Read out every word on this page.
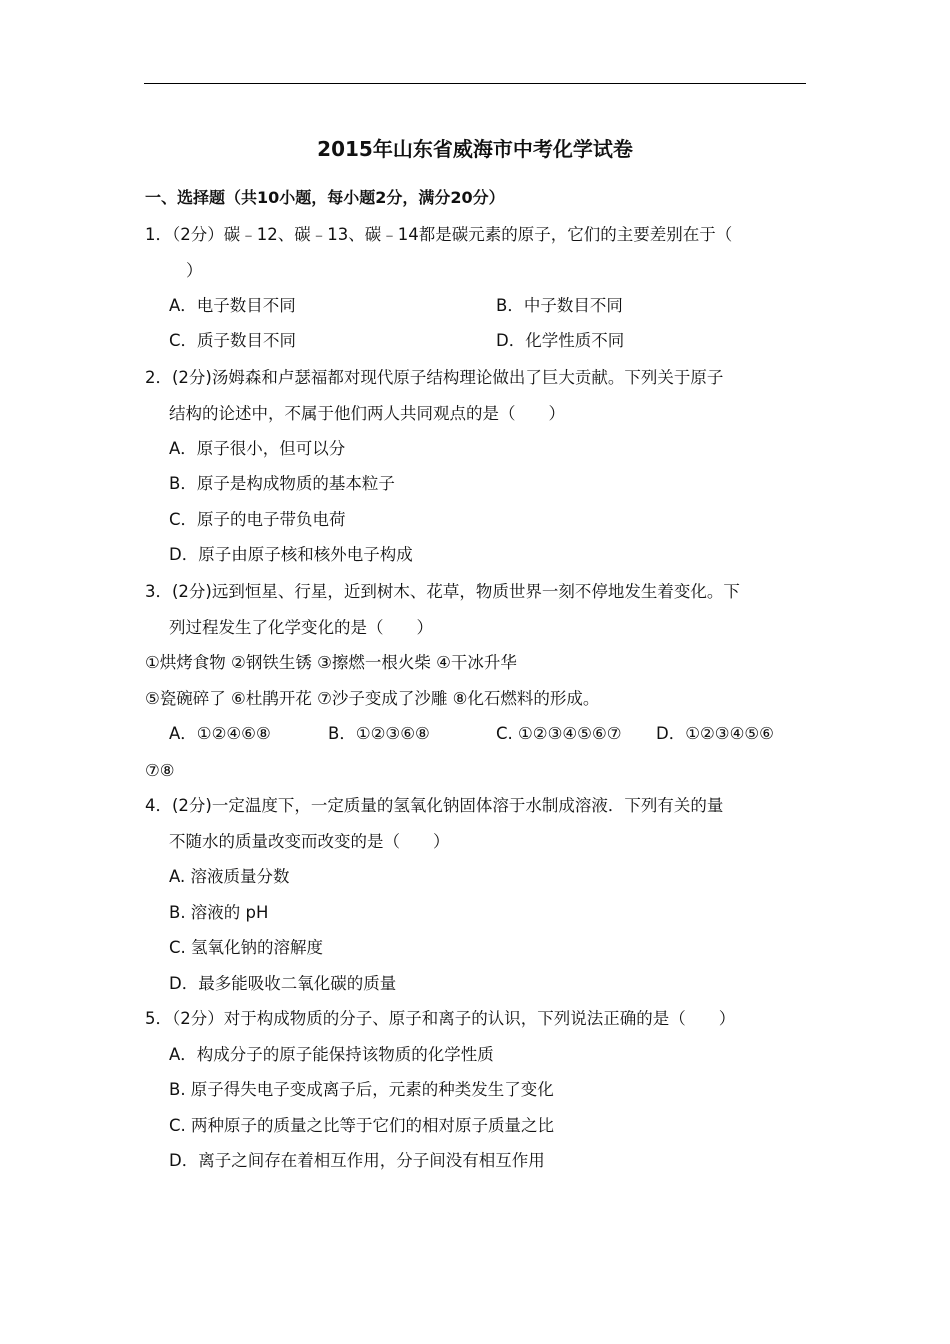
2015年山东省威海市中考化学试卷
一、选择题（共10小题，每小题2分，满分20分）
1．（2分）碳﹣12、碳﹣13、碳﹣14都是碳元素的原子，它们的主要差别在于（
）
A．电子数目不同	B．中子数目不同
C．质子数目不同	D．化学性质不同
2．(2分)汤姆森和卢瑟福都对现代原子结构理论做出了巨大贡献。下列关于原子
结构的论述中，不属于他们两人共同观点的是（　　）
A．原子很小，但可以分
B．原子是构成物质的基本粒子
C．原子的电子带负电荷
D．原子由原子核和核外电子构成
3．(2分)远到恒星、行星，近到树木、花草，物质世界一刻不停地发生着变化。下
列过程发生了化学变化的是（　　）
①烘烤食物 ②钢铁生锈 ③擦燃一根火柴 ④干冰升华
⑤瓷碗碎了 ⑥杜鹃开花 ⑦沙子变成了沙雕 ⑧化石燃料的形成。
A．①②④⑥⑧	B．①②③⑥⑧	C. ①②③④⑤⑥⑦ D．①②③④⑤⑥
⑦⑧
4．(2分)一定温度下，一定质量的氢氧化钠固体溶于水制成溶液．下列有关的量
不随水的质量改变而改变的是（　　）
A. 溶液质量分数
B. 溶液的 pH
C. 氢氧化钠的溶解度
D．最多能吸收二氧化碳的质量
5．（2分）对于构成物质的分子、原子和离子的认识，下列说法正确的是（　　）
A．构成分子的原子能保持该物质的化学性质
B. 原子得失电子变成离子后，元素的种类发生了变化
C. 两种原子的质量之比等于它们的相对原子质量之比
D．离子之间存在着相互作用，分子间没有相互作用
